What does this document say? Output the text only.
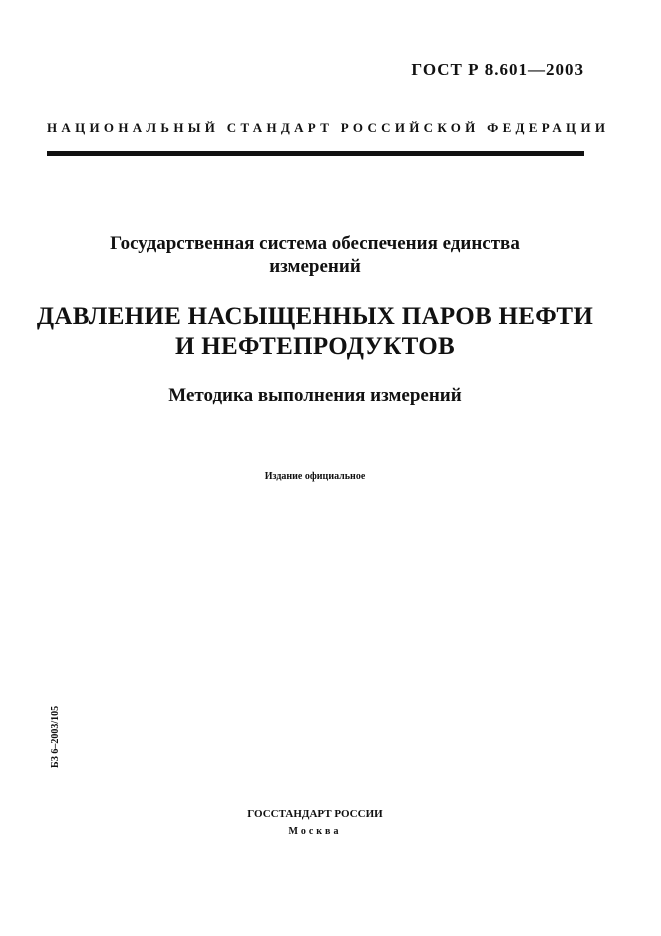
ГОСТ Р 8.601—2003
НАЦИОНАЛЬНЫЙ СТАНДАРТ РОССИЙСКОЙ ФЕДЕРАЦИИ
Государственная система обеспечения единства
измерений
ДАВЛЕНИЕ НАСЫЩЕННЫХ ПАРОВ НЕФТИ
И НЕФТЕПРОДУКТОВ
Методика выполнения измерений
Издание официальное
БЗ 6–2003/105
ГОССТАНДАРТ РОССИИ
Москва
